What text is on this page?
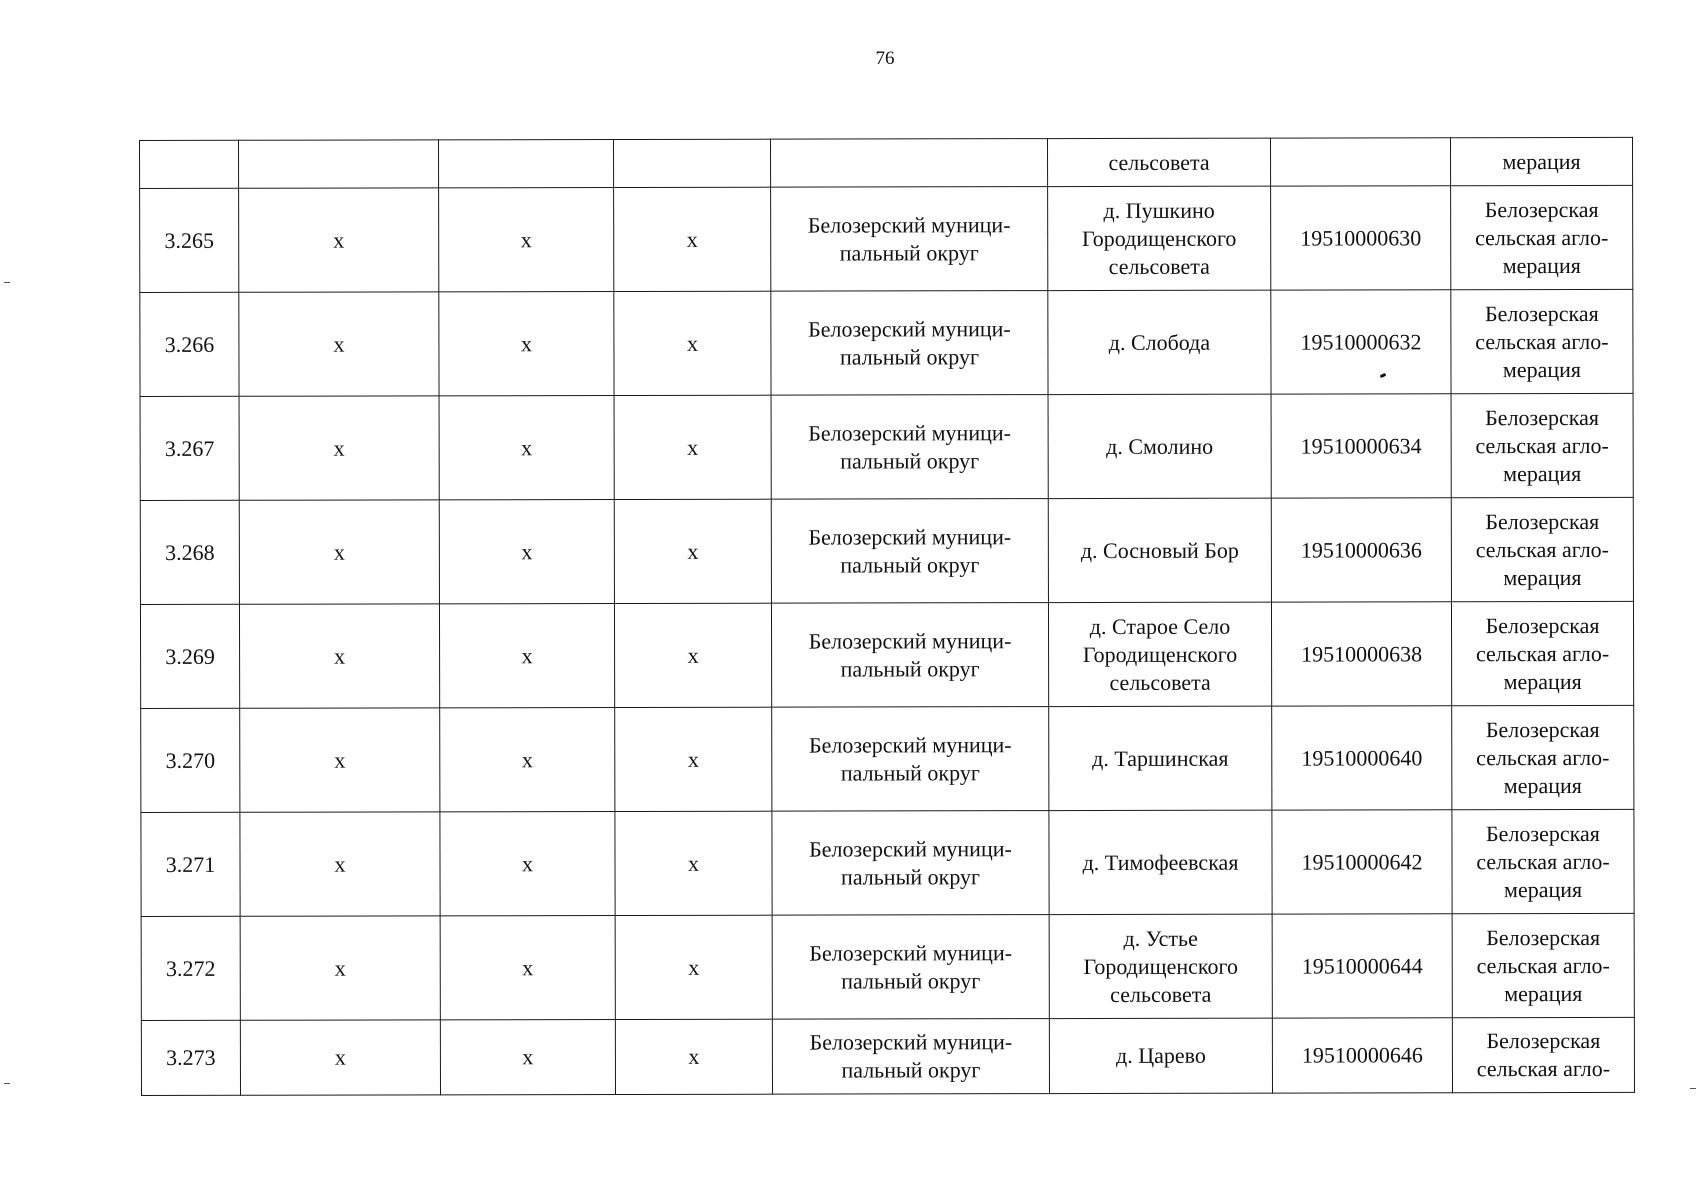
76
					сельсовета		мерация
3.265	х	х	х	Белозерский муници-
пальный округ	д. Пушкино
Городищенского
сельсовета	19510000630	Белозерская
сельская агло-
мерация
3.266	х	х	х	Белозерский муници-
пальный округ	д. Слобода	19510000632	Белозерская
сельская агло-
мерация
3.267	х	х	х	Белозерский муници-
пальный округ	д. Смолино	19510000634	Белозерская
сельская агло-
мерация
3.268	х	х	х	Белозерский муници-
пальный округ	д. Сосновый Бор	19510000636	Белозерская
сельская агло-
мерация
3.269	х	х	х	Белозерский муници-
пальный округ	д. Старое Село
Городищенского
сельсовета	19510000638	Белозерская
сельская агло-
мерация
3.270	х	х	х	Белозерский муници-
пальный округ	д. Таршинская	19510000640	Белозерская
сельская агло-
мерация
3.271	х	х	х	Белозерский муници-
пальный округ	д. Тимофеевская	19510000642	Белозерская
сельская агло-
мерация
3.272	х	х	х	Белозерский муници-
пальный округ	д. Устье
Городищенского
сельсовета	19510000644	Белозерская
сельская агло-
мерация
3.273	х	х	х	Белозерский муници-
пальный округ	д. Царево	19510000646	Белозерская
сельская агло-
